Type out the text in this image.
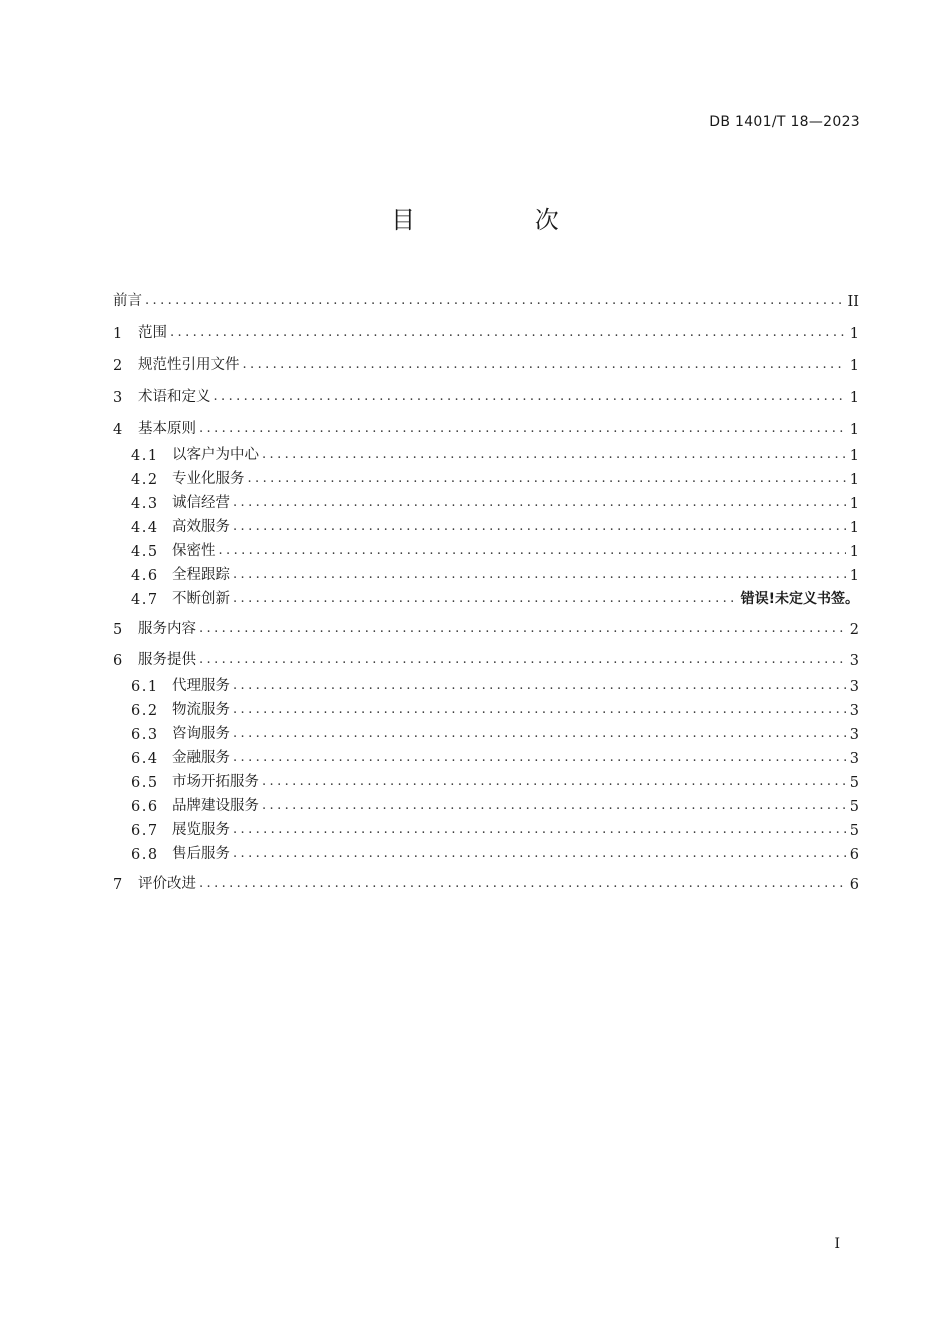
DB 1401/T 18—2023
目 次
前言 .....	II
1	范围 .....	1
2	规范性引用文件 .....	1
3	术语和定义 .....	1
4	基本原则 .....	1
4.1 以客户为中心 .....	1
4.2 专业化服务 .....	1
4.3 诚信经营 .....	1
4.4 高效服务 .....	1
4.5 保密性 .....	1
4.6 全程跟踪 .....	1
4.7 不断创新 .....	错误!未定义书签。
5	服务内容 .....	2
6	服务提供 .....	3
6.1 代理服务 .....	3
6.2 物流服务 .....	3
6.3 咨询服务 .....	3
6.4 金融服务 .....	3
6.5 市场开拓服务 .....	5
6.6 品牌建设服务 .....	5
6.7 展览服务 .....	5
6.8 售后服务 .....	6
7	评价改进 .....	6
I
